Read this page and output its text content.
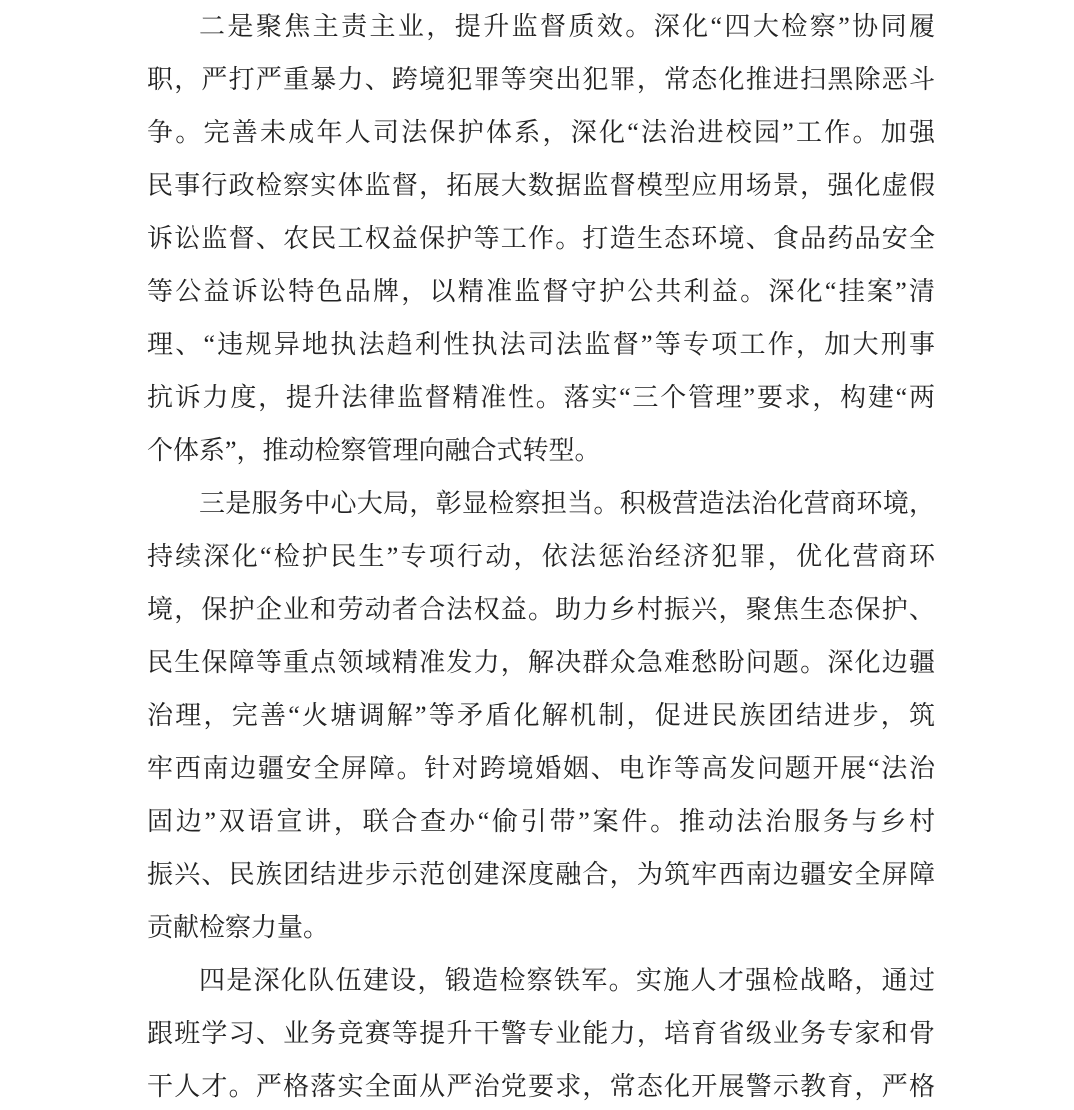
二是聚焦主责主业，提升监督质效。深化“四大检察”协同履
职，严打严重暴力、跨境犯罪等突出犯罪，常态化推进扫黑除恶斗
争。完善未成年人司法保护体系，深化“法治进校园”工作。加强
民事行政检察实体监督，拓展大数据监督模型应用场景，强化虚假
诉讼监督、农民工权益保护等工作。打造生态环境、食品药品安全
等公益诉讼特色品牌，以精准监督守护公共利益。深化“挂案”清
理、“违规异地执法趋利性执法司法监督”等专项工作，加大刑事
抗诉力度，提升法律监督精准性。落实“三个管理”要求，构建“两
个体系”，推动检察管理向融合式转型。
三是服务中心大局，彰显检察担当。积极营造法治化营商环境，
持续深化“检护民生”专项行动，依法惩治经济犯罪，优化营商环
境，保护企业和劳动者合法权益。助力乡村振兴，聚焦生态保护、
民生保障等重点领域精准发力，解决群众急难愁盼问题。深化边疆
治理，完善“火塘调解”等矛盾化解机制，促进民族团结进步，筑
牢西南边疆安全屏障。针对跨境婚姻、电诈等高发问题开展“法治
固边”双语宣讲，联合查办“偷引带”案件。推动法治服务与乡村
振兴、民族团结进步示范创建深度融合，为筑牢西南边疆安全屏障
贡献检察力量。
四是深化队伍建设，锻造检察铁军。实施人才强检战略，通过
跟班学习、业务竞赛等提升干警专业能力，培育省级业务专家和骨
干人才。严格落实全面从严治党要求，常态化开展警示教育，严格
